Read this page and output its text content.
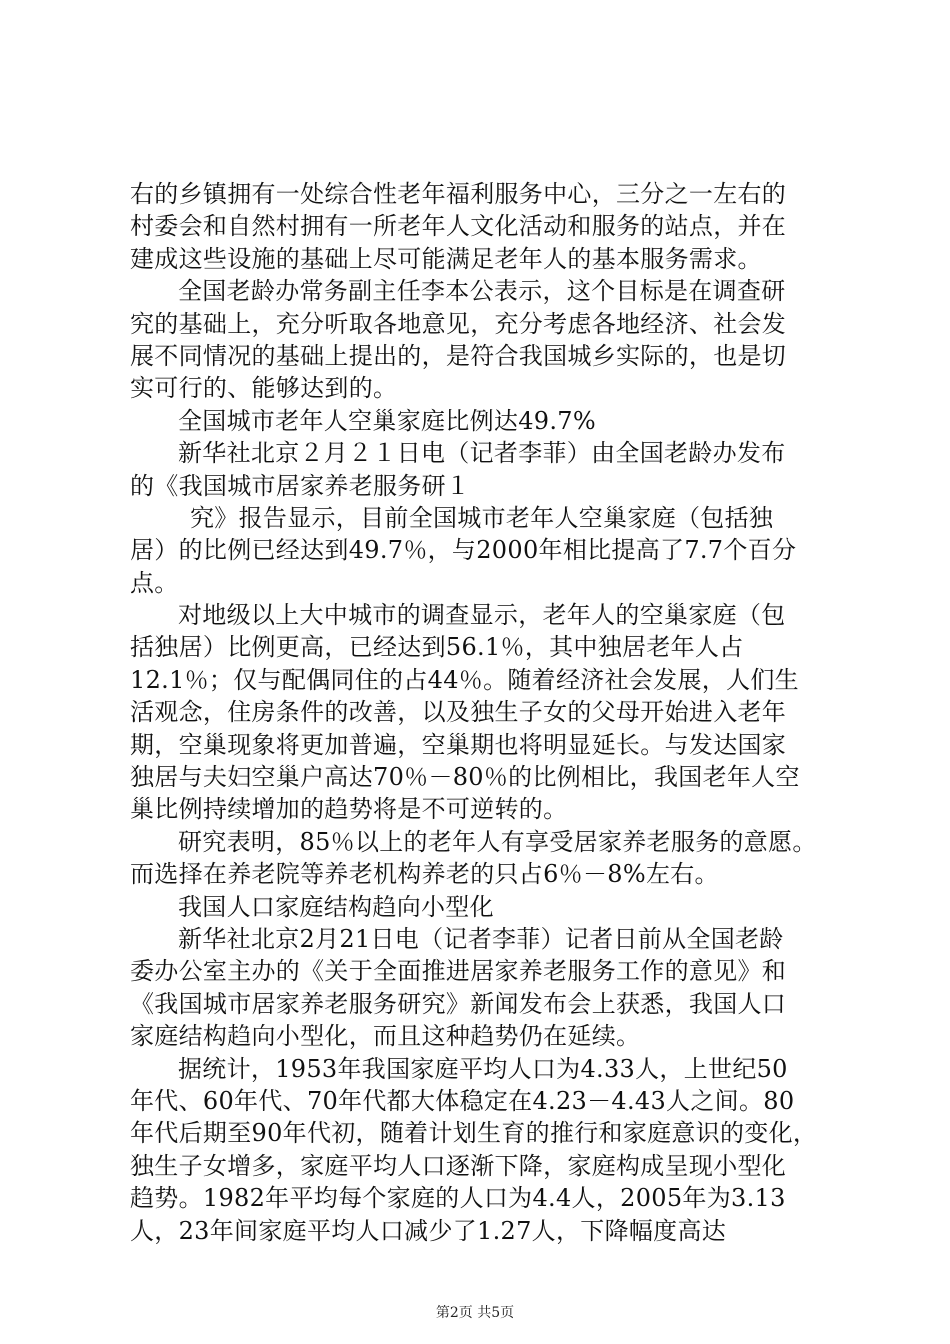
右的乡镇拥有一处综合性老年福利服务中心，三分之一左右的
村委会和自然村拥有一所老年人文化活动和服务的站点，并在
建成这些设施的基础上尽可能满足老年人的基本服务需求。
全国老龄办常务副主任李本公表示，这个目标是在调查研
究的基础上，充分听取各地意见，充分考虑各地经济、社会发
展不同情况的基础上提出的，是符合我国城乡实际的，也是切
实可行的、能够达到的。
全国城市老年人空巢家庭比例达49.7%
新华社北京２月２１日电（记者李菲）由全国老龄办发布
的《我国城市居家养老服务研１
究》报告显示，目前全国城市老年人空巢家庭（包括独
居）的比例已经达到49.7％，与2000年相比提高了7.7个百分
点。
对地级以上大中城市的调查显示，老年人的空巢家庭（包
括独居）比例更高，已经达到56.1％，其中独居老年人占
12.1％；仅与配偶同住的占44％。随着经济社会发展，人们生
活观念，住房条件的改善，以及独生子女的父母开始进入老年
期，空巢现象将更加普遍，空巢期也将明显延长。与发达国家
独居与夫妇空巢户高达70％－80％的比例相比，我国老年人空
巢比例持续增加的趋势将是不可逆转的。
研究表明，85％以上的老年人有享受居家养老服务的意愿。
而选择在养老院等养老机构养老的只占6％－8%左右。
我国人口家庭结构趋向小型化
新华社北京2月21日电（记者李菲）记者日前从全国老龄
委办公室主办的《关于全面推进居家养老服务工作的意见》和
《我国城市居家养老服务研究》新闻发布会上获悉，我国人口
家庭结构趋向小型化，而且这种趋势仍在延续。
据统计，1953年我国家庭平均人口为4.33人，上世纪50
年代、60年代、70年代都大体稳定在4.23－4.43人之间。80
年代后期至90年代初，随着计划生育的推行和家庭意识的变化，
独生子女增多，家庭平均人口逐渐下降，家庭构成呈现小型化
趋势。1982年平均每个家庭的人口为4.4人，2005年为3.13
人，23年间家庭平均人口减少了1.27人，下降幅度高达
第2页 共5页
